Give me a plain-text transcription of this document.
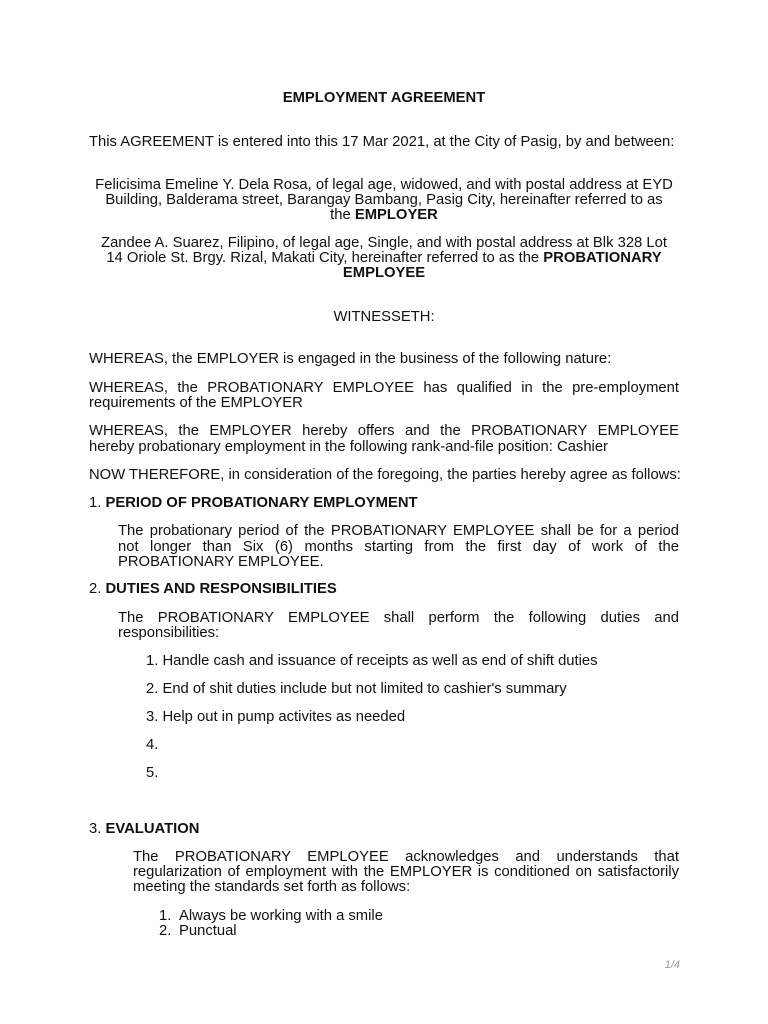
EMPLOYMENT AGREEMENT
This AGREEMENT is entered into this 17 Mar 2021, at the City of Pasig, by and between:
Felicisima Emeline Y. Dela Rosa, of legal age, widowed, and with postal address at EYD
Building, Balderama street, Barangay Bambang, Pasig City, hereinafter referred to as
the EMPLOYER
Zandee A. Suarez, Filipino, of legal age, Single, and with postal address at Blk 328 Lot
14 Oriole St. Brgy. Rizal, Makati City, hereinafter referred to as the PROBATIONARY
EMPLOYEE
WITNESSETH:
WHEREAS, the EMPLOYER is engaged in the business of the following nature:
WHEREAS, the PROBATIONARY EMPLOYEE has qualified in the pre-employment
requirements of the EMPLOYER
WHEREAS, the EMPLOYER hereby offers and the PROBATIONARY EMPLOYEE
hereby probationary employment in the following rank-and-file position: Cashier
NOW THEREFORE, in consideration of the foregoing, the parties hereby agree as follows:
1. PERIOD OF PROBATIONARY EMPLOYMENT
The probationary period of the PROBATIONARY EMPLOYEE shall be for a period
not longer than Six (6) months starting from the first day of work of the
PROBATIONARY EMPLOYEE.
2. DUTIES AND RESPONSIBILITIES
The PROBATIONARY EMPLOYEE shall perform the following duties and
responsibilities:
1. Handle cash and issuance of receipts as well as end of shift duties
2. End of shit duties include but not limited to cashier's summary
3. Help out in pump activites as needed
4.
5.
3. EVALUATION
The PROBATIONARY EMPLOYEE acknowledges and understands that
regularization of employment with the EMPLOYER is conditioned on satisfactorily
meeting the standards set forth as follows:
1. Always be working with a smile
2. Punctual
1/4
